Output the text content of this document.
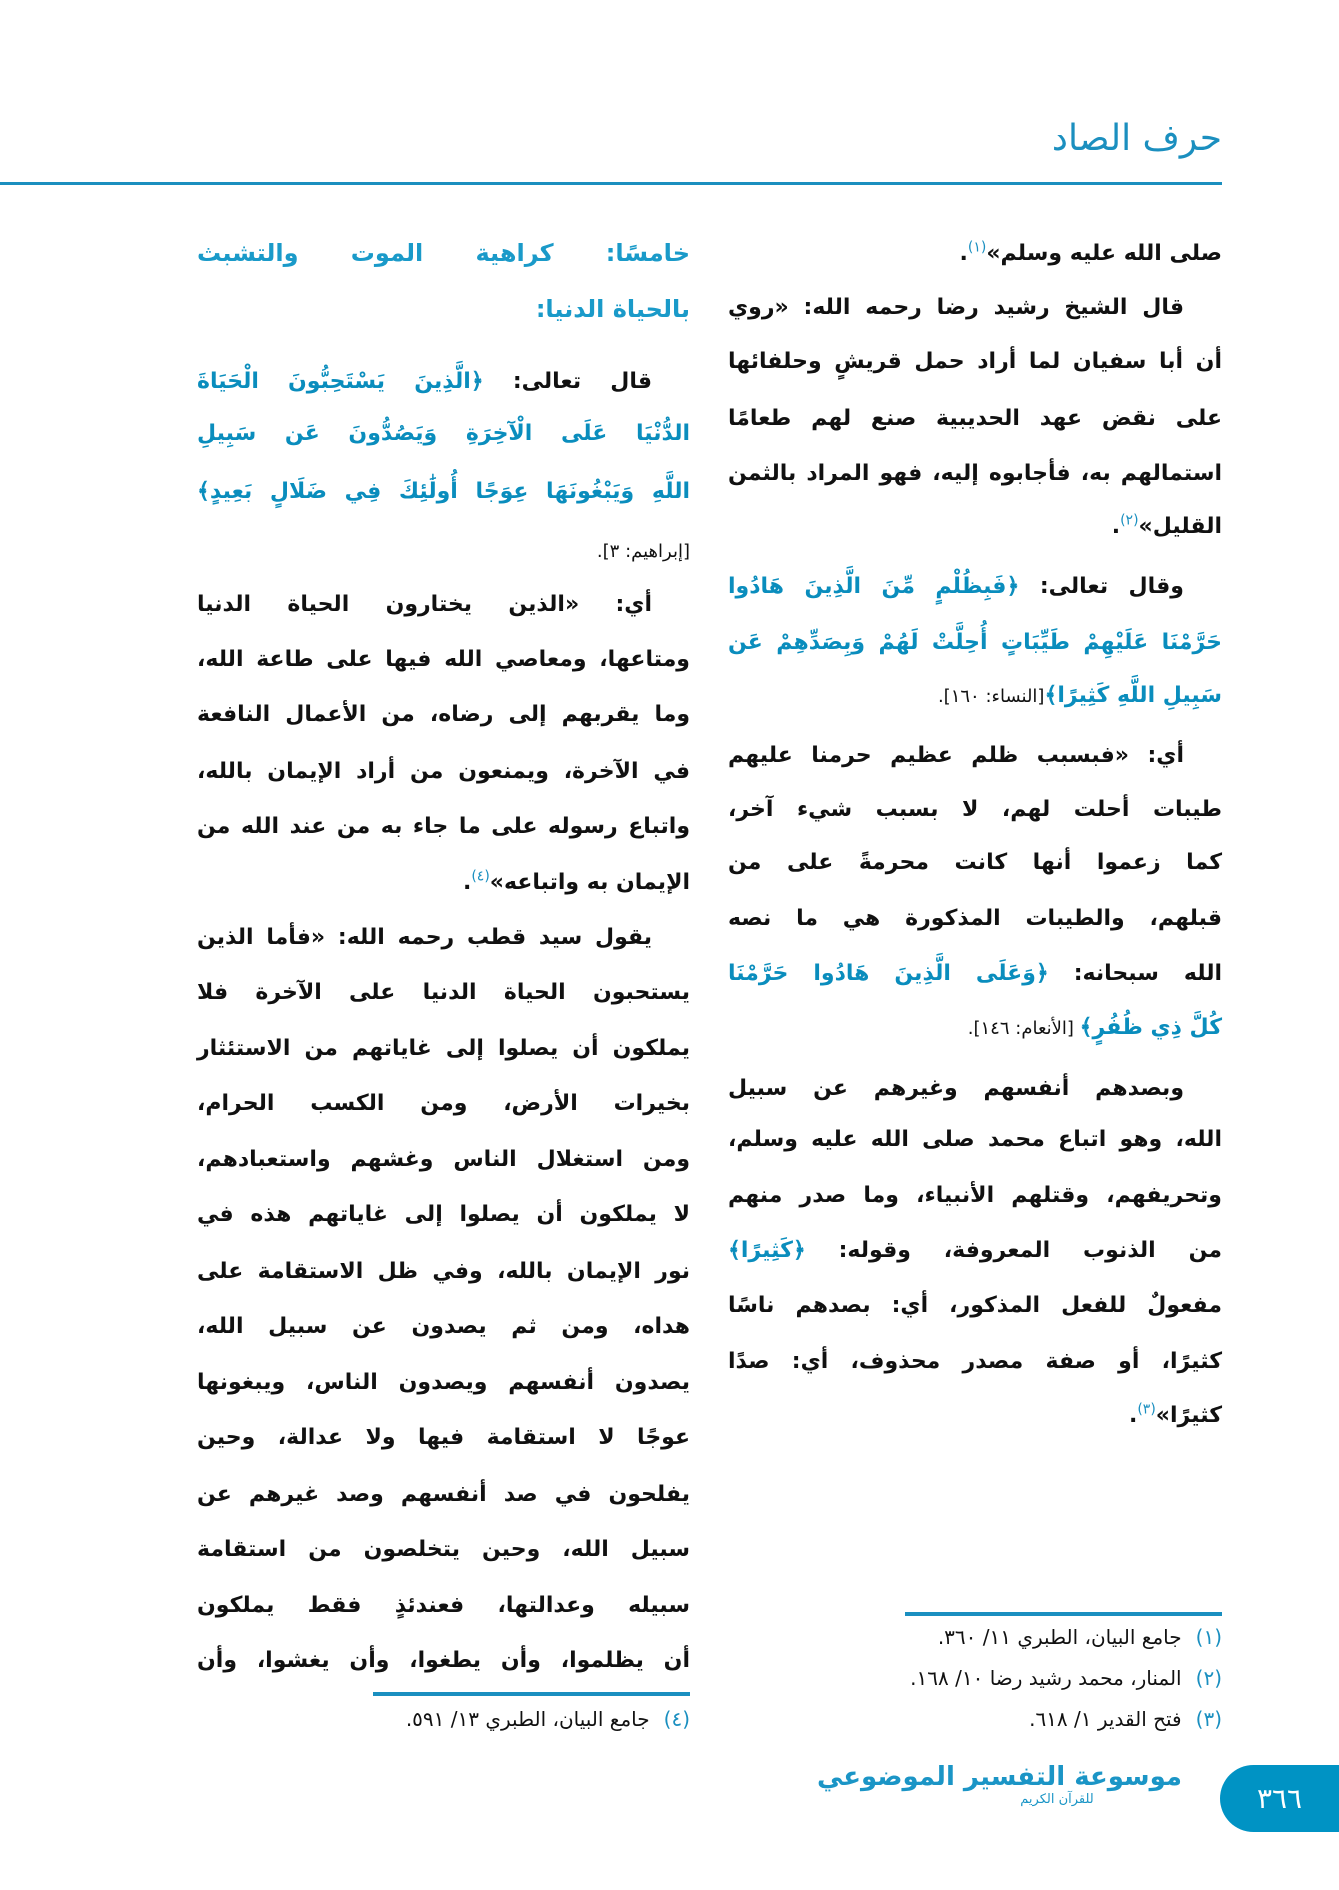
حرف الصاد
صلى الله عليه وسلم»$^{(١)}$.
قال الشيخ رشيد رضا رحمه الله: «روي
أن أبا سفيان لما أراد حمل قريشٍ وحلفائها
على نقض عهد الحديبية صنع لهم طعامًا
استمالهم به، فأجابوه إليه، فهو المراد بالثمن
القليل»$^{(٢)}$.
وقال تعالى: ﴿فَبِظُلْمٍ مِّنَ الَّذِينَ هَادُوا
حَرَّمْنَا عَلَيْهِمْ طَيِّبَاتٍ أُحِلَّتْ لَهُمْ وَبِصَدِّهِمْ عَن
سَبِيلِ اللَّهِ كَثِيرًا﴾[النساء: ١٦٠].
أي: «فبسبب ظلم عظيم حرمنا عليهم
طيبات أحلت لهم، لا بسبب شيء آخر،
كما زعموا أنها كانت محرمةً على من
قبلهم، والطيبات المذكورة هي ما نصه
الله سبحانه: ﴿وَعَلَى الَّذِينَ هَادُوا حَرَّمْنَا
كُلَّ ذِي ظُفُرٍ﴾ [الأنعام: ١٤٦].
وبصدهم أنفسهم وغيرهم عن سبيل
الله، وهو اتباع محمد صلى الله عليه وسلم،
وتحريفهم، وقتلهم الأنبياء، وما صدر منهم
من الذنوب المعروفة، وقوله: ﴿كَثِيرًا﴾
مفعولٌ للفعل المذكور، أي: بصدهم ناسًا
كثيرًا، أو صفة مصدر محذوف، أي: صدًا
كثيرًا»$^{(٣)}$.
خامسًا: كراهية الموت والتشبث
بالحياة الدنيا:
قال تعالى: ﴿الَّذِينَ يَسْتَحِبُّونَ الْحَيَاةَ
الدُّنْيَا عَلَى الْآخِرَةِ وَيَصُدُّونَ عَن سَبِيلِ
اللَّهِ وَيَبْغُونَهَا عِوَجًا أُولَٰئِكَ فِي ضَلَالٍ بَعِيدٍ﴾
[إبراهيم: ٣].
أي: «الذين يختارون الحياة الدنيا
ومتاعها، ومعاصي الله فيها على طاعة الله،
وما يقربهم إلى رضاه، من الأعمال النافعة
في الآخرة، ويمنعون من أراد الإيمان بالله،
واتباع رسوله على ما جاء به من عند الله من
الإيمان به واتباعه»$^{(٤)}$.
يقول سيد قطب رحمه الله: «فأما الذين
يستحبون الحياة الدنيا على الآخرة فلا
يملكون أن يصلوا إلى غاياتهم من الاستئثار
بخيرات الأرض، ومن الكسب الحرام،
ومن استغلال الناس وغشهم واستعبادهم،
لا يملكون أن يصلوا إلى غاياتهم هذه في
نور الإيمان بالله، وفي ظل الاستقامة على
هداه، ومن ثم يصدون عن سبيل الله،
يصدون أنفسهم ويصدون الناس، ويبغونها
عوجًا لا استقامة فيها ولا عدالة، وحين
يفلحون في صد أنفسهم وصد غيرهم عن
سبيل الله، وحين يتخلصون من استقامة
سبيله وعدالتها، فعندئذٍ فقط يملكون
أن يظلموا، وأن يطغوا، وأن يغشوا، وأن
(١)جامع البيان، الطبري ١١/ ٣٦٠.
(٢)المنار، محمد رشيد رضا ١٠/ ١٦٨.
(٣)فتح القدير ١/ ٦١٨.
(٤)جامع البيان، الطبري ١٣/ ٥٩١.
موسوعة التفسير الموضوعي
للقرآن الكريم	٣٦٦
